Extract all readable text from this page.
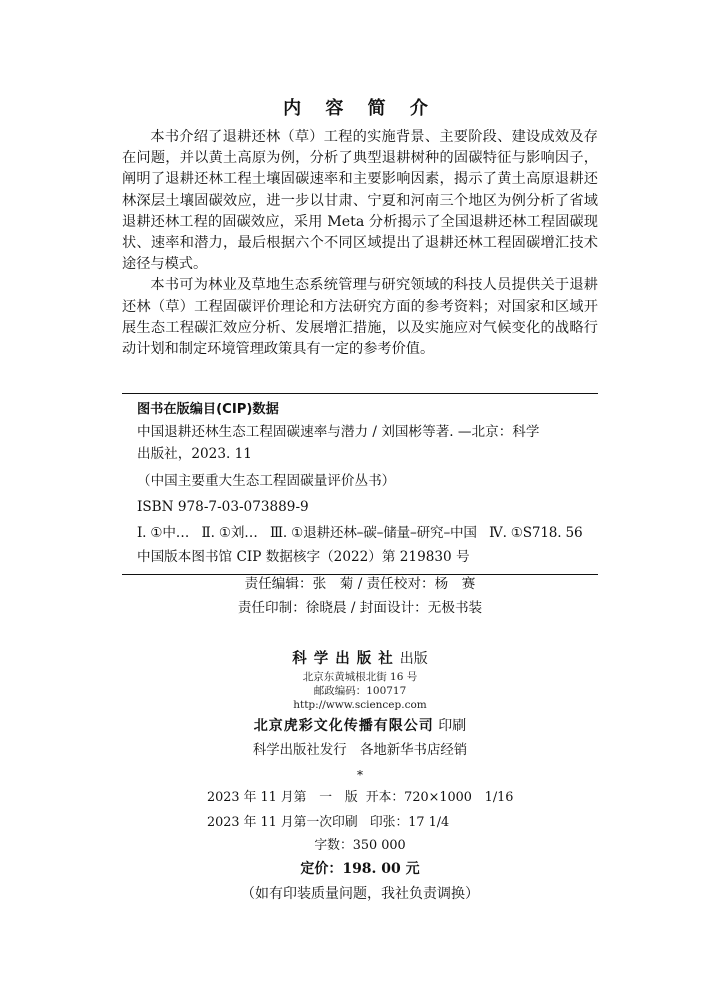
内 容 简 介

本书介绍了退耕还林（草）工程的实施背景、主要阶段、建设成效及存在问题，并以黄土高原为例，分析了典型退耕树种的固碳特征与影响因子，阐明了退耕还林工程土壤固碳速率和主要影响因素，揭示了黄土高原退耕还林深层土壤固碳效应，进一步以甘肃、宁夏和河南三个地区为例分析了省域退耕还林工程的固碳效应，采用 Meta 分析揭示了全国退耕还林工程固碳现状、速率和潜力，最后根据六个不同区域提出了退耕还林工程固碳增汇技术途径与模式。

本书可为林业及草地生态系统管理与研究领域的科技人员提供关于退耕还林（草）工程固碳评价理论和方法研究方面的参考资料；对国家和区域开展生态工程碳汇效应分析、发展增汇措施，以及实施应对气候变化的战略行动计划和制定环境管理政策具有一定的参考价值。

图书在版编目(CIP)数据
中国退耕还林生态工程固碳速率与潜力 / 刘国彬等著. —北京：科学
出版社，2023. 11
（中国主要重大生态工程固碳量评价丛书）
ISBN 978-7-03-073889-9
Ⅰ. ①中…   Ⅱ. ①刘…   Ⅲ. ①退耕还林–碳–储量–研究–中国   Ⅳ. ①S718. 56
中国版本图书馆 CIP 数据核字（2022）第 219830 号
责任编辑：张　菊 / 责任校对：杨　赛
责任印制：徐晓晨 / 封面设计：无极书装
科学出版社出版
北京东黄城根北街 16 号
邮政编码：100717
http://www.sciencep.com
北京虎彩文化传播有限公司 印刷
科学出版社发行　各地新华书店经销
*
2023 年 11 月第　一　版 开本：720×1000　1/16
2023 年 11 月第一次印刷 印张：17 1/4
字数：350 000
定价：198. 00 元
（如有印装质量问题，我社负责调换）
